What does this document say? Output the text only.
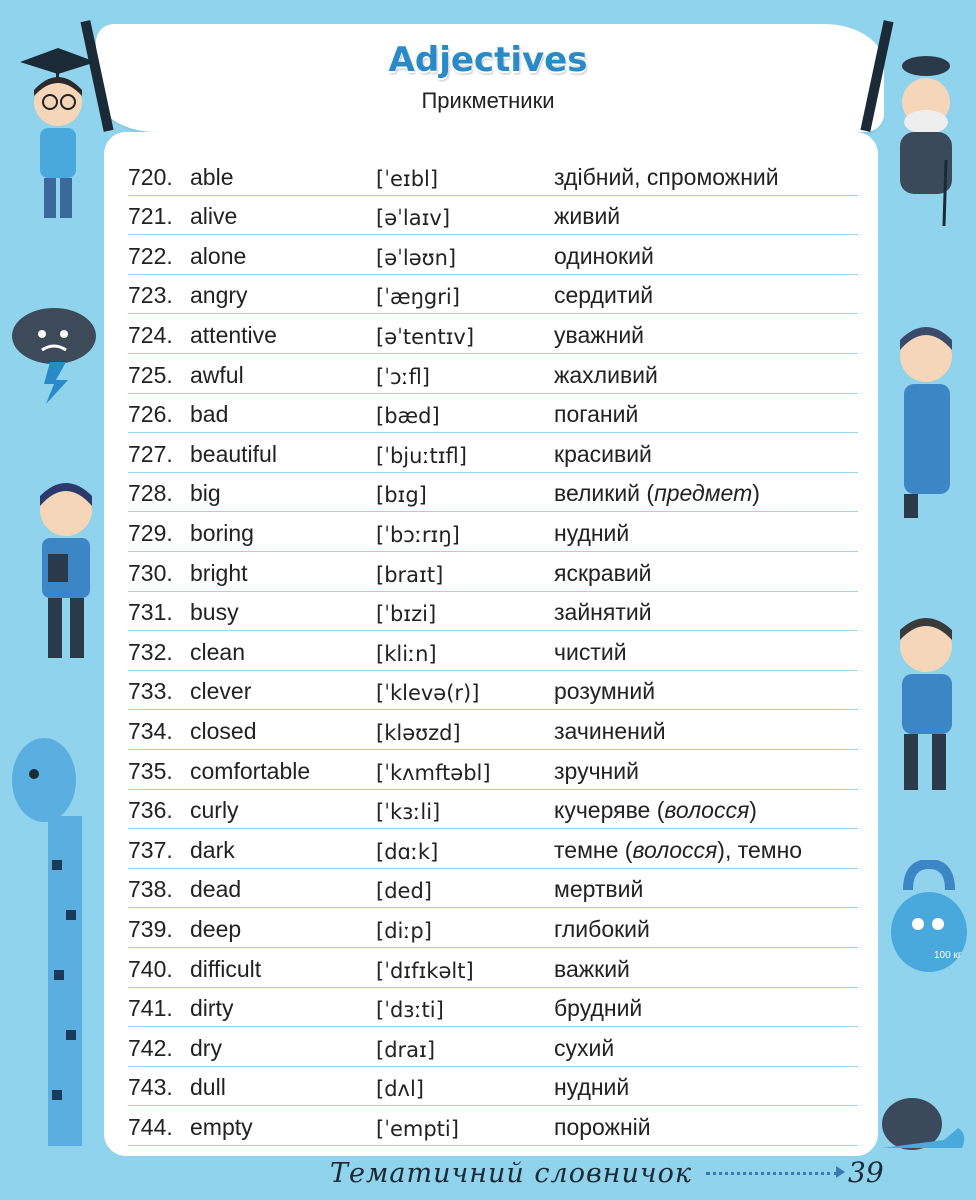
100 кг
Adjectives
Прикметники
720. able	[ˈeɪbl]	здібний, спроможний
721. alive	[əˈlaɪv]	живий
722. alone	[əˈləʊn]	одинокий
723. angry	[ˈæŋgri]	сердитий
724. attentive	[əˈtentɪv]	уважний
725. awful	[ˈɔːfl]	жахливий
726. bad	[bæd]	поганий
727. beautiful	[ˈbjuːtɪfl]	красивий
728. big	[bɪg]	великий (предмет)
729. boring	[ˈbɔːrɪŋ]	нудний
730. bright	[braɪt]	яскравий
731. busy	[ˈbɪzi]	зайнятий
732. clean	[kliːn]	чистий
733. clever	[ˈklevə(r)]	розумний
734. closed	[kləʊzd]	зачинений
735. comfortable	[ˈkʌmftəbl]	зручний
736. curly	[ˈkɜːli]	кучеряве (волосся)
737. dark	[dɑːk]	темне (волосся), темно
738. dead	[ded]	мертвий
739. deep	[diːp]	глибокий
740. difficult	[ˈdɪfɪkəlt]	важкий
741. dirty	[ˈdɜːti]	брудний
742. dry	[draɪ]	сухий
743. dull	[dʌl]	нудний
744. empty	[ˈempti]	порожній
Тематичний словничок	39
